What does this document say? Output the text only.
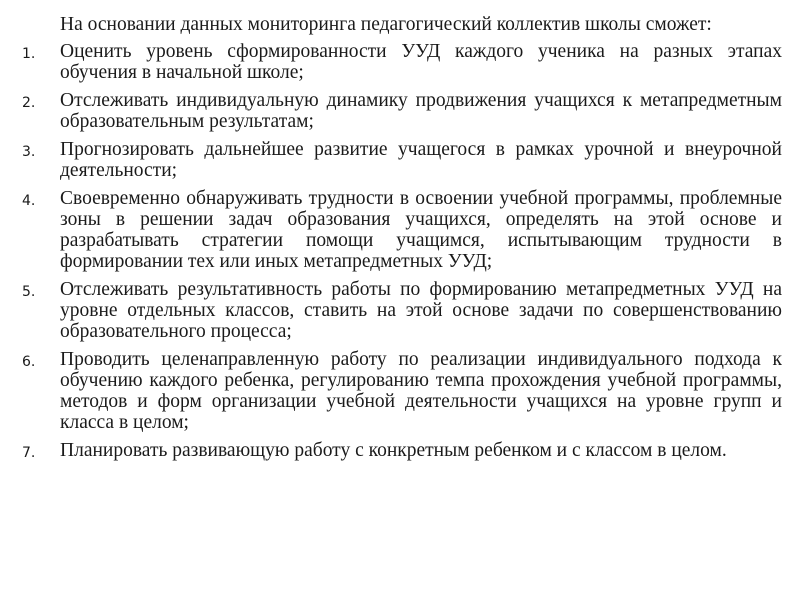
На основании данных мониторинга педагогический коллектив школы сможет:

1.	Оценить уровень сформированности УУД каждого ученика на разных этапах обучения в начальной школе;
2.	Отслеживать индивидуальную динамику продвижения учащихся к метапредметным образовательным результатам;
3.	Прогнозировать дальнейшее развитие учащегося в рамках урочной и внеурочной деятельности;
4.	Своевременно обнаруживать трудности в освоении учебной программы, проблемные зоны в решении задач образования учащихся, определять на этой основе и разрабатывать стратегии помощи учащимся, испытывающим трудности в формировании тех или иных метапредметных УУД;
5.	Отслеживать результативность работы по формированию метапредметных УУД на уровне отдельных классов, ставить на этой основе задачи по совершенствованию образовательного процесса;
6.	Проводить целенаправленную работу по реализации индивидуального подхода к обучению каждого ребенка, регулированию темпа прохождения учебной программы, методов и форм организации учебной деятельности учащихся на уровне групп и класса в целом;
7.	Планировать развивающую работу с конкретным ребенком и с классом в целом.
